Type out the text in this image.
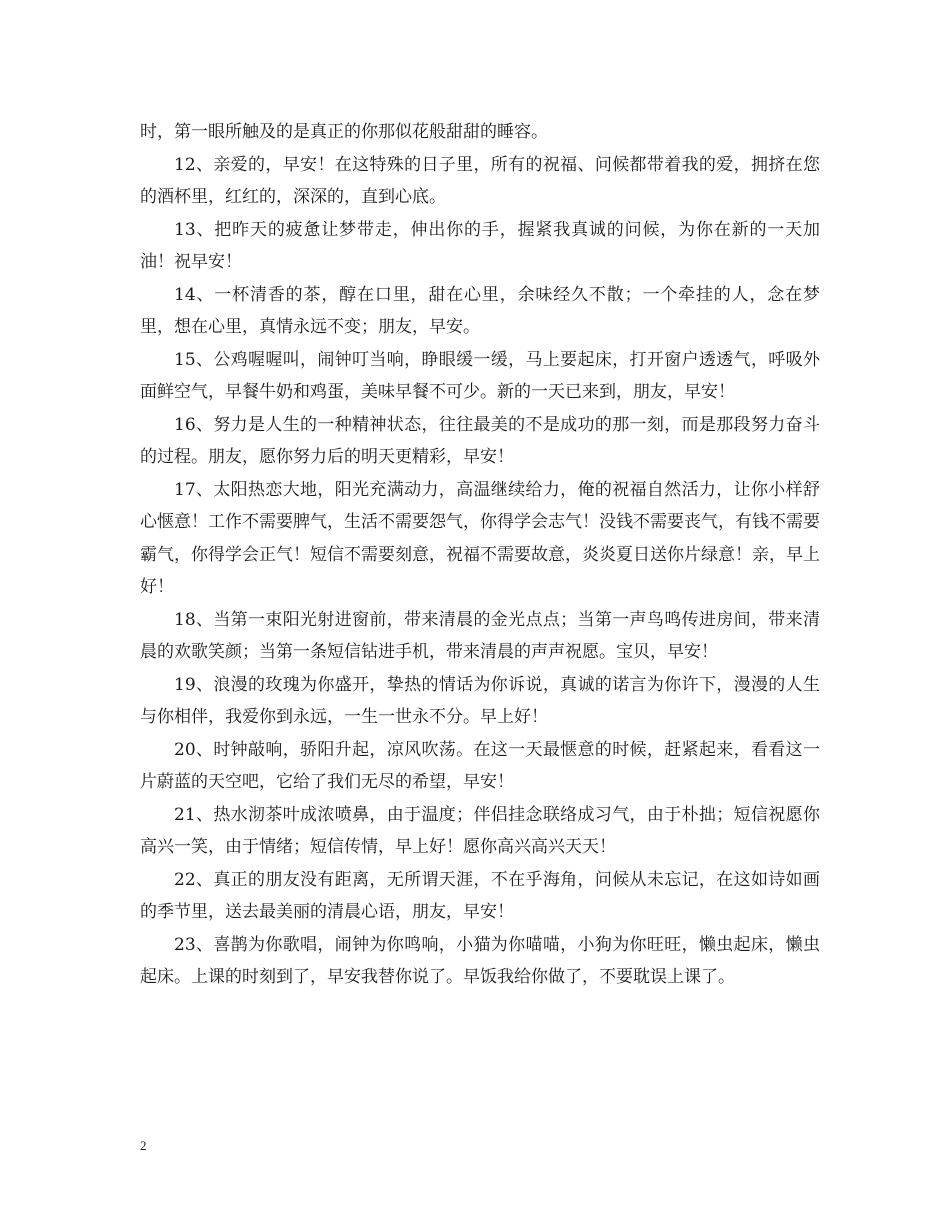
时，第一眼所触及的是真正的你那似花般甜甜的睡容。

12、亲爱的，早安！在这特殊的日子里，所有的祝福、问候都带着我的爱，拥挤在您的酒杯里，红红的，深深的，直到心底。

13、把昨天的疲惫让梦带走，伸出你的手，握紧我真诚的问候，为你在新的一天加油！祝早安！

14、一杯清香的茶，醇在口里，甜在心里，余味经久不散；一个牵挂的人，念在梦里，想在心里，真情永远不变；朋友，早安。

15、公鸡喔喔叫，闹钟叮当响，睁眼缓一缓，马上要起床，打开窗户透透气，呼吸外面鲜空气，早餐牛奶和鸡蛋，美味早餐不可少。新的一天已来到，朋友，早安！

16、努力是人生的一种精神状态，往往最美的不是成功的那一刻，而是那段努力奋斗的过程。朋友，愿你努力后的明天更精彩，早安！

17、太阳热恋大地，阳光充满动力，高温继续给力，俺的祝福自然活力，让你小样舒心惬意！工作不需要脾气，生活不需要怨气，你得学会志气！没钱不需要丧气，有钱不需要霸气，你得学会正气！短信不需要刻意，祝福不需要故意，炎炎夏日送你片绿意！亲，早上好！

18、当第一束阳光射进窗前，带来清晨的金光点点；当第一声鸟鸣传进房间，带来清晨的欢歌笑颜；当第一条短信钻进手机，带来清晨的声声祝愿。宝贝，早安！

19、浪漫的玫瑰为你盛开，挚热的情话为你诉说，真诚的诺言为你许下，漫漫的人生与你相伴，我爱你到永远，一生一世永不分。早上好！

20、时钟敲响，骄阳升起，凉风吹荡。在这一天最惬意的时候，赶紧起来，看看这一片蔚蓝的天空吧，它给了我们无尽的希望，早安！

21、热水沏茶叶成浓喷鼻，由于温度；伴侣挂念联络成习气，由于朴拙；短信祝愿你高兴一笑，由于情绪；短信传情，早上好！愿你高兴高兴天天！

22、真正的朋友没有距离，无所谓天涯，不在乎海角，问候从未忘记，在这如诗如画的季节里，送去最美丽的清晨心语，朋友，早安！

23、喜鹊为你歌唱，闹钟为你鸣响，小猫为你喵喵，小狗为你旺旺，懒虫起床，懒虫起床。上课的时刻到了，早安我替你说了。早饭我给你做了，不要耽误上课了。

2
